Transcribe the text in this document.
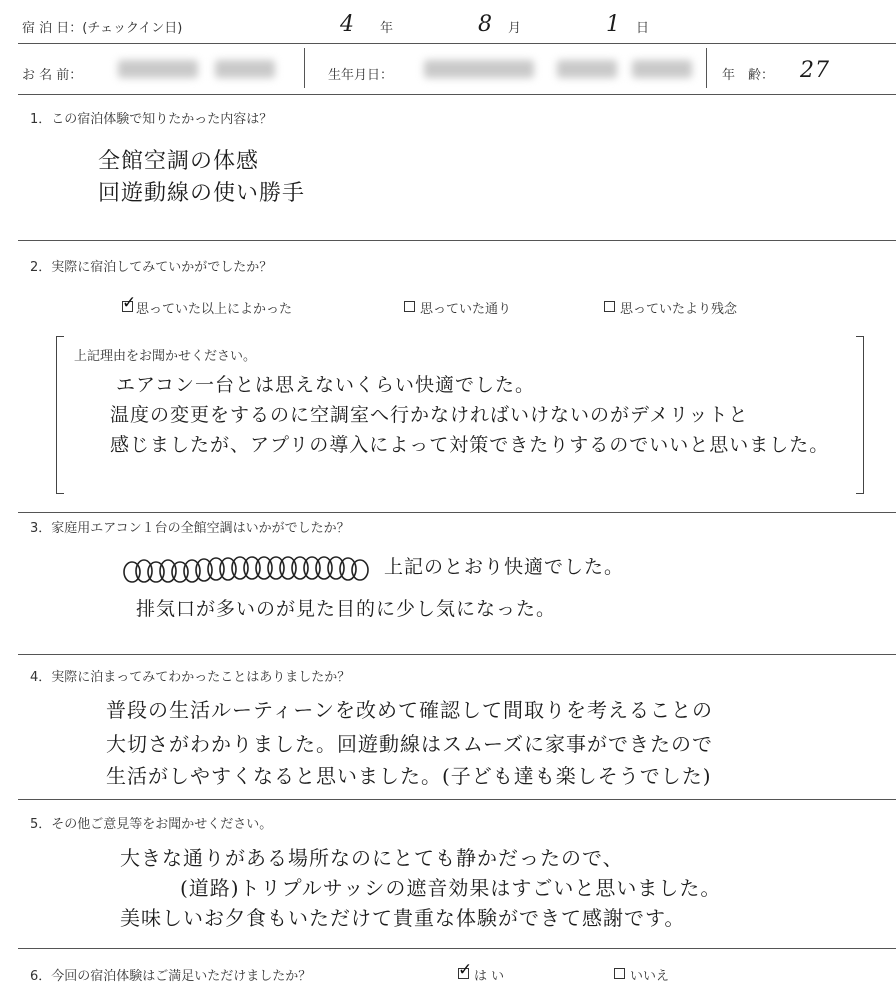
宿 泊 日：(チェックイン日)	4 年	8 月	1 日
お 名 前：
	生年月日：
	年　齢： 27
1．この宿泊体験で知りたかった内容は？
全館空調の体感
回遊動線の使い勝手
2．実際に宿泊してみていかがでしたか？
✓ 思っていた以上によかった	思っていた通り	思っていたより残念
上記理由をお聞かせください。
エアコン一台とは思えないくらい快適でした。
温度の変更をするのに空調室へ行かなければいけないのがデメリットと
感じましたが、アプリの導入によって対策できたりするのでいいと思いました。
3．家庭用エアコン１台の全館空調はいかがでしたか？
上記のとおり快適でした。
排気口が多いのが見た目的に少し気になった。
4．実際に泊まってみてわかったことはありましたか？
普段の生活ルーティーンを改めて確認して間取りを考えることの
大切さがわかりました。回遊動線はスムーズに家事ができたので
生活がしやすくなると思いました。(子ども達も楽しそうでした)
5．その他ご意見等をお聞かせください。
大きな通りがある場所なのにとても静かだったので、
(道路)トリプルサッシの遮音効果はすごいと思いました。
美味しいお夕食もいただけて貴重な体験ができて感謝です。
6．今回の宿泊体験はご満足いただけましたか？	✓ は い	いいえ
